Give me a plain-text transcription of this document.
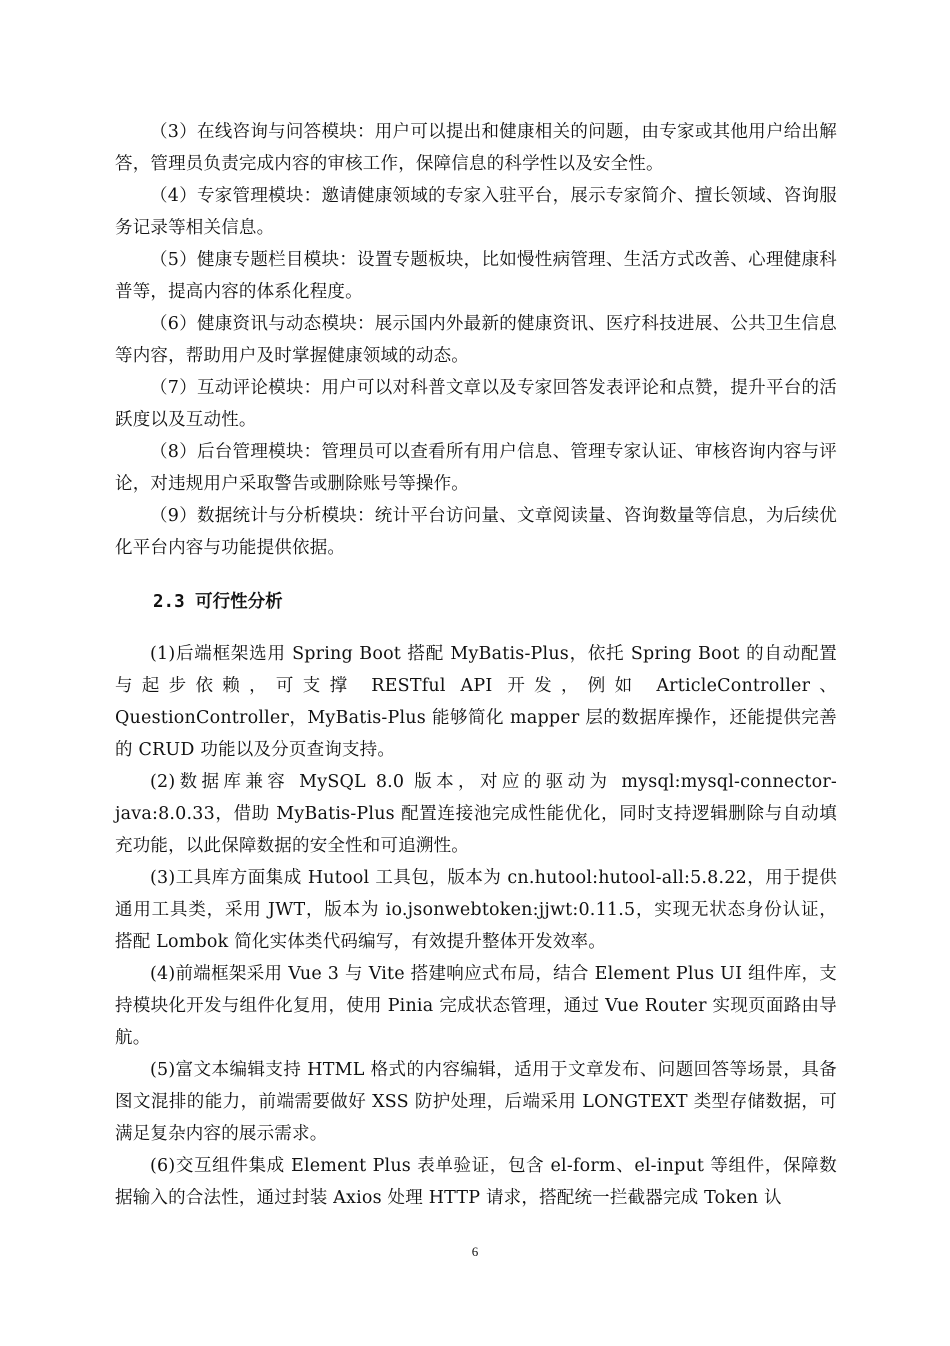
（3）在线咨询与问答模块：用户可以提出和健康相关的问题，由专家或其他用户给出解答，管理员负责完成内容的审核工作，保障信息的科学性以及安全性。

（4）专家管理模块：邀请健康领域的专家入驻平台，展示专家简介、擅长领域、咨询服务记录等相关信息。

（5）健康专题栏目模块：设置专题板块，比如慢性病管理、生活方式改善、心理健康科普等，提高内容的体系化程度。

（6）健康资讯与动态模块：展示国内外最新的健康资讯、医疗科技进展、公共卫生信息等内容，帮助用户及时掌握健康领域的动态。

（7）互动评论模块：用户可以对科普文章以及专家回答发表评论和点赞，提升平台的活跃度以及互动性。

（8）后台管理模块：管理员可以查看所有用户信息、管理专家认证、审核咨询内容与评论，对违规用户采取警告或删除账号等操作。

（9）数据统计与分析模块：统计平台访问量、文章阅读量、咨询数量等信息，为后续优化平台内容与功能提供依据。

2.3 可行性分析

(1)后端框架选用 Spring Boot 搭配 MyBatis-Plus，依托 Spring Boot 的自动配置与起步依赖，可支撑 RESTful API 开发，例如 ArticleController、QuestionController，MyBatis-Plus 能够简化 mapper 层的数据库操作，还能提供完善的 CRUD 功能以及分页查询支持。

(2)数据库兼容 MySQL 8.0 版本，对应的驱动为 mysql:mysql-connector-java:8.0.33，借助 MyBatis-Plus 配置连接池完成性能优化，同时支持逻辑删除与自动填充功能，以此保障数据的安全性和可追溯性。

(3)工具库方面集成 Hutool 工具包，版本为 cn.hutool:hutool-all:5.8.22，用于提供通用工具类，采用 JWT，版本为 io.jsonwebtoken:jjwt:0.11.5，实现无状态身份认证，搭配 Lombok 简化实体类代码编写，有效提升整体开发效率。

(4)前端框架采用 Vue 3 与 Vite 搭建响应式布局，结合 Element Plus UI 组件库，支持模块化开发与组件化复用，使用 Pinia 完成状态管理，通过 Vue Router 实现页面路由导航。

(5)富文本编辑支持 HTML 格式的内容编辑，适用于文章发布、问题回答等场景，具备图文混排的能力，前端需要做好 XSS 防护处理，后端采用 LONGTEXT 类型存储数据，可满足复杂内容的展示需求。

(6)交互组件集成 Element Plus 表单验证，包含 el-form、el-input 等组件，保障数据输入的合法性，通过封装 Axios 处理 HTTP 请求，搭配统一拦截器完成 Token 认

6
